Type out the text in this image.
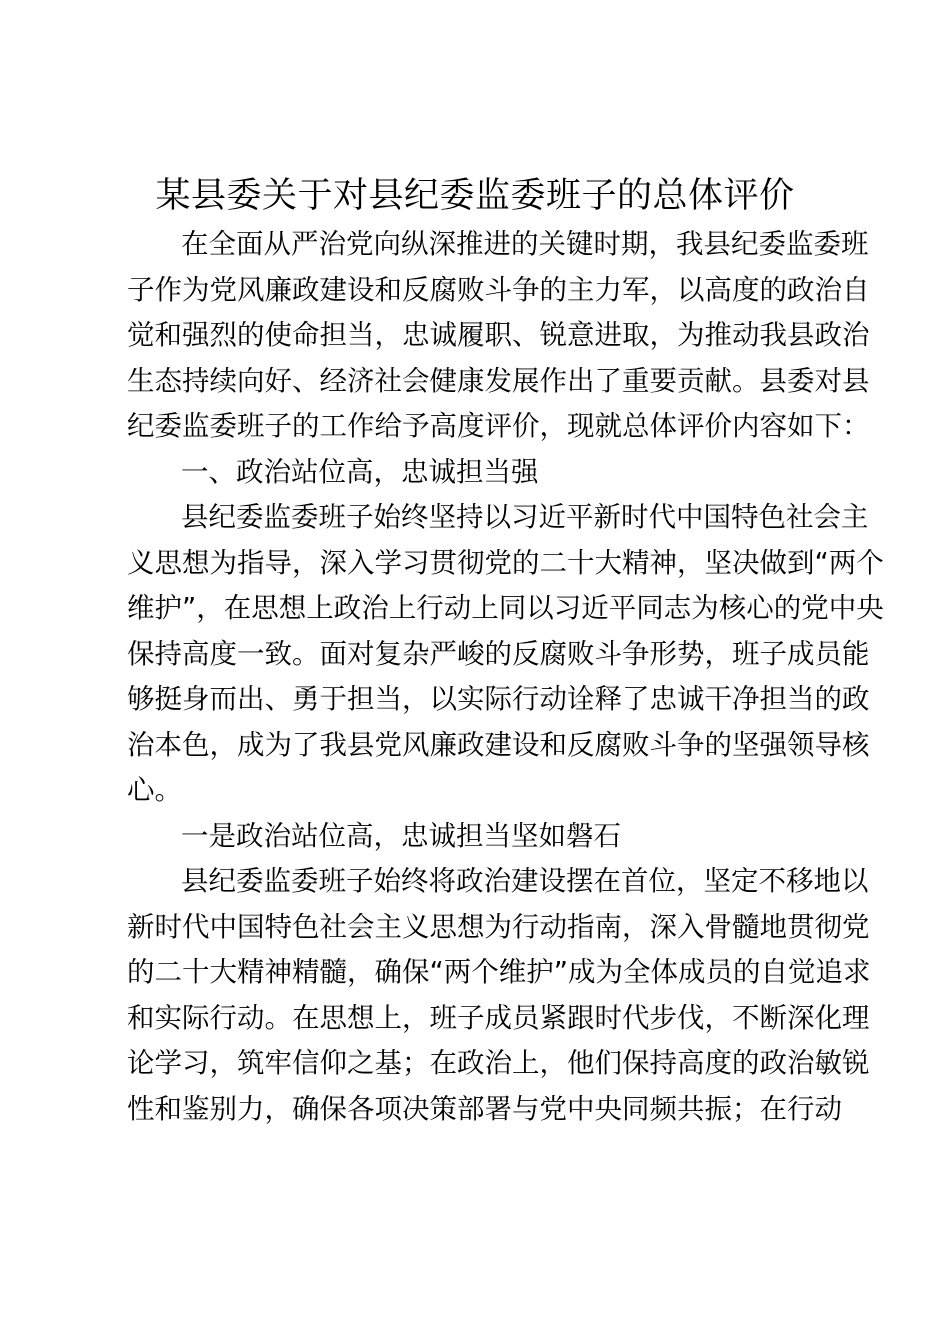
某县委关于对县纪委监委班子的总体评价
在全面从严治党向纵深推进的关键时期，我县纪委监委班
子作为党风廉政建设和反腐败斗争的主力军，以高度的政治自
觉和强烈的使命担当，忠诚履职、锐意进取，为推动我县政治
生态持续向好、经济社会健康发展作出了重要贡献。县委对县
纪委监委班子的工作给予高度评价，现就总体评价内容如下：
一、政治站位高，忠诚担当强
县纪委监委班子始终坚持以习近平新时代中国特色社会主
义思想为指导，深入学习贯彻党的二十大精神，坚决做到“两个
维护”，在思想上政治上行动上同以习近平同志为核心的党中央
保持高度一致。面对复杂严峻的反腐败斗争形势，班子成员能
够挺身而出、勇于担当，以实际行动诠释了忠诚干净担当的政
治本色，成为了我县党风廉政建设和反腐败斗争的坚强领导核
心。
一是政治站位高，忠诚担当坚如磐石
县纪委监委班子始终将政治建设摆在首位，坚定不移地以
新时代中国特色社会主义思想为行动指南，深入骨髓地贯彻党
的二十大精神精髓，确保“两个维护”成为全体成员的自觉追求
和实际行动。在思想上，班子成员紧跟时代步伐，不断深化理
论学习，筑牢信仰之基；在政治上，他们保持高度的政治敏锐
性和鉴别力，确保各项决策部署与党中央同频共振；在行动
